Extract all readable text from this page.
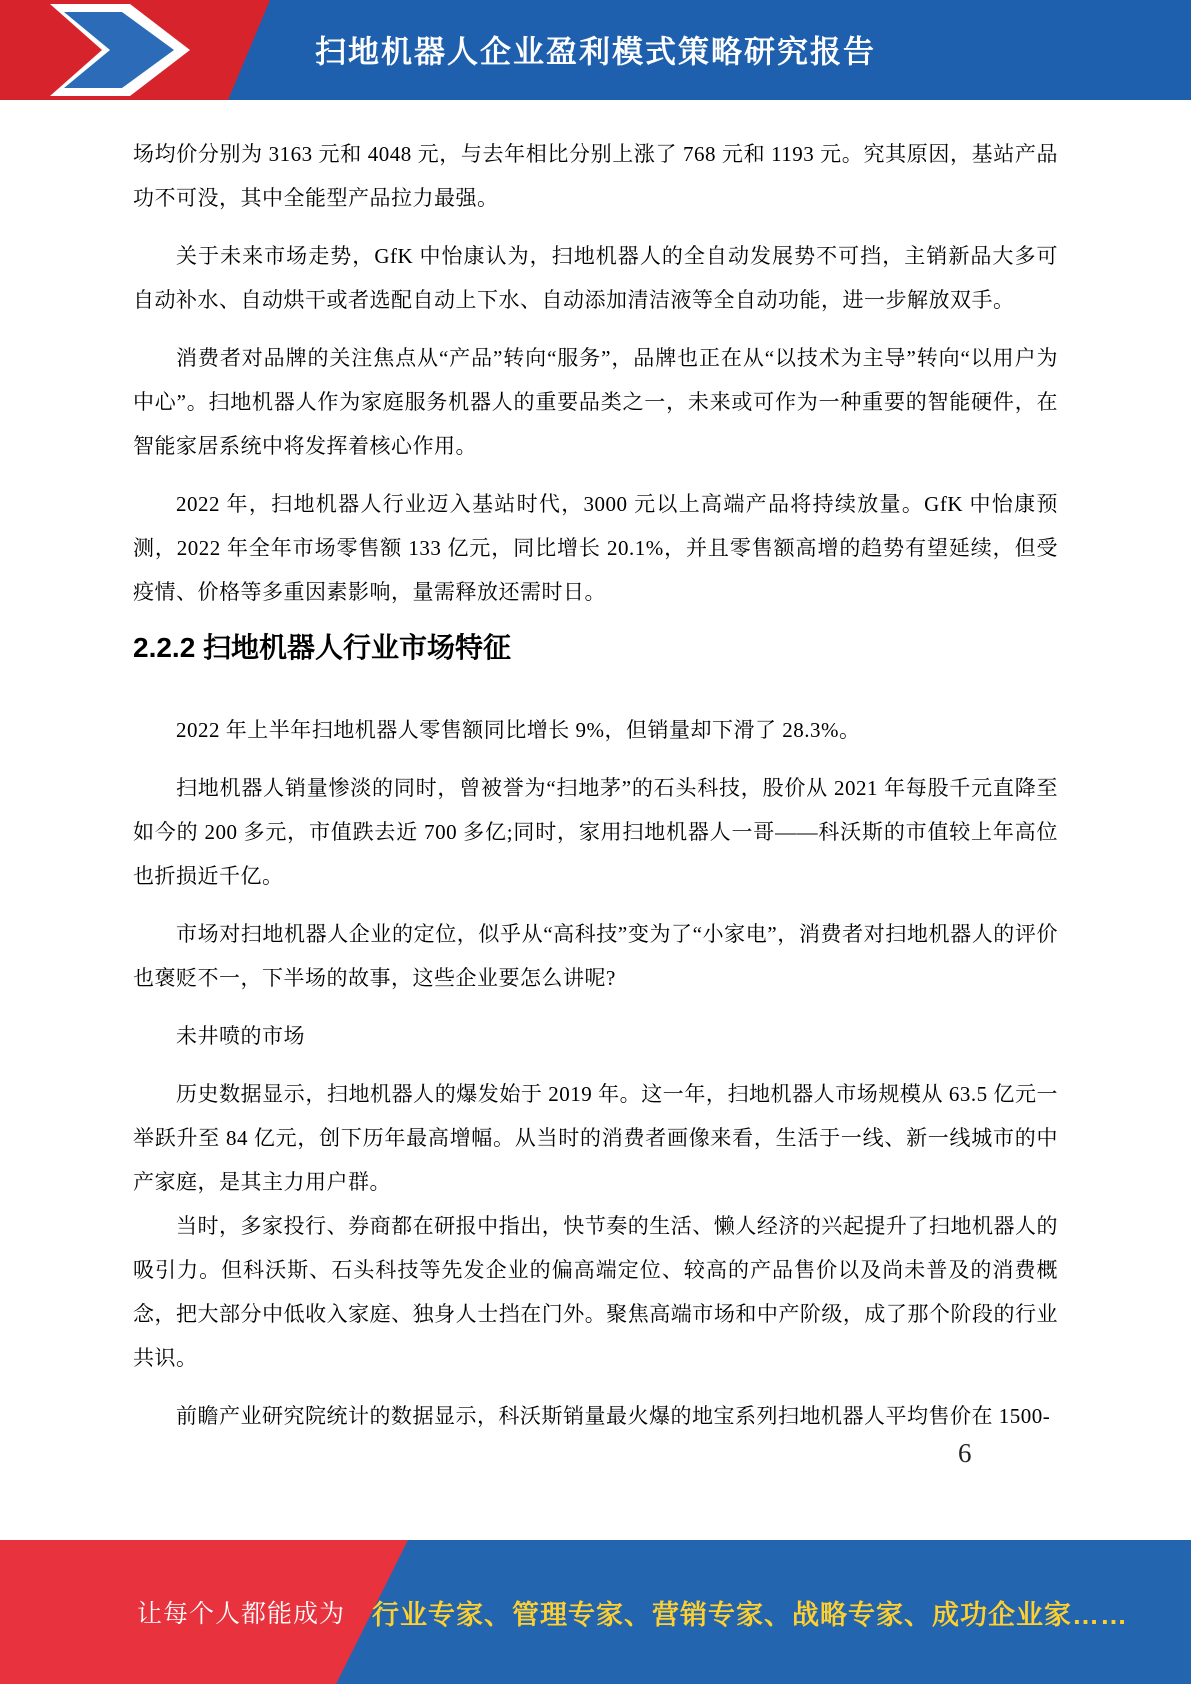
扫地机器人企业盈利模式策略研究报告

场均价分别为 3163 元和 4048 元，与去年相比分别上涨了 768 元和 1193 元。究其原因，基站产品功不可没，其中全能型产品拉力最强。

关于未来市场走势，GfK 中怡康认为，扫地机器人的全自动发展势不可挡，主销新品大多可自动补水、自动烘干或者选配自动上下水、自动添加清洁液等全自动功能，进一步解放双手。

消费者对品牌的关注焦点从“产品”转向“服务”，品牌也正在从“以技术为主导”转向“以用户为中心”。扫地机器人作为家庭服务机器人的重要品类之一，未来或可作为一种重要的智能硬件，在智能家居系统中将发挥着核心作用。

2022 年，扫地机器人行业迈入基站时代，3000 元以上高端产品将持续放量。GfK 中怡康预测，2022 年全年市场零售额 133 亿元，同比增长 20.1%，并且零售额高增的趋势有望延续，但受疫情、价格等多重因素影响，量需释放还需时日。

2.2.2 扫地机器人行业市场特征

2022 年上半年扫地机器人零售额同比增长 9%，但销量却下滑了 28.3%。

扫地机器人销量惨淡的同时，曾被誉为“扫地茅”的石头科技，股价从 2021 年每股千元直降至如今的 200 多元，市值跌去近 700 多亿;同时，家用扫地机器人一哥——科沃斯的市值较上年高位也折损近千亿。

市场对扫地机器人企业的定位，似乎从“高科技”变为了“小家电”，消费者对扫地机器人的评价也褒贬不一，下半场的故事，这些企业要怎么讲呢?

未井喷的市场

历史数据显示，扫地机器人的爆发始于 2019 年。这一年，扫地机器人市场规模从 63.5 亿元一举跃升至 84 亿元，创下历年最高增幅。从当时的消费者画像来看，生活于一线、新一线城市的中产家庭，是其主力用户群。

当时，多家投行、券商都在研报中指出，快节奏的生活、懒人经济的兴起提升了扫地机器人的吸引力。但科沃斯、石头科技等先发企业的偏高端定位、较高的产品售价以及尚未普及的消费概念，把大部分中低收入家庭、独身人士挡在门外。聚焦高端市场和中产阶级，成了那个阶段的行业共识。

前瞻产业研究院统计的数据显示，科沃斯销量最火爆的地宝系列扫地机器人平均售价在 1500-

6
让每个人都能成为 行业专家、管理专家、营销专家、战略专家、成功企业家……
